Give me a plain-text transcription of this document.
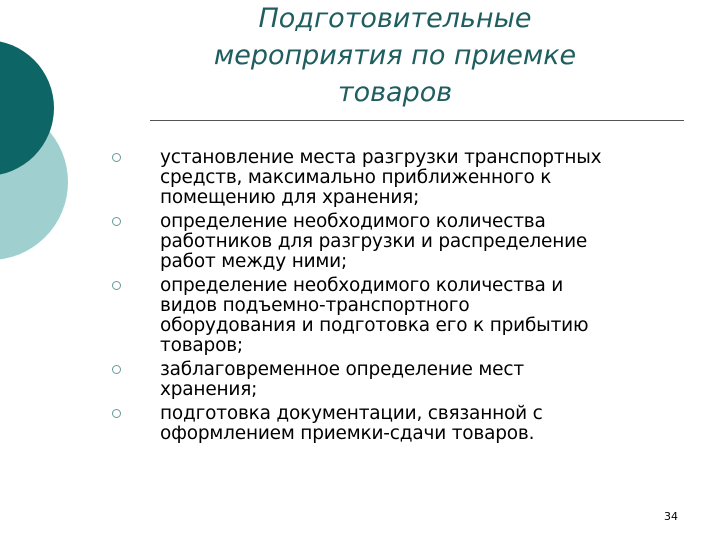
Подготовительные
мероприятия по приемке
товаров
установление места разгрузки транспортных
средств, максимально приближенного к
помещению для хранения;
определение необходимого количества
работников для разгрузки и распределение
работ между ними;
определение необходимого количества и
видов подъемно-транспортного
оборудования и подготовка его к прибытию
товаров;
заблаговременное определение мест
хранения;
подготовка документации, связанной с
оформлением приемки-сдачи товаров.
34
